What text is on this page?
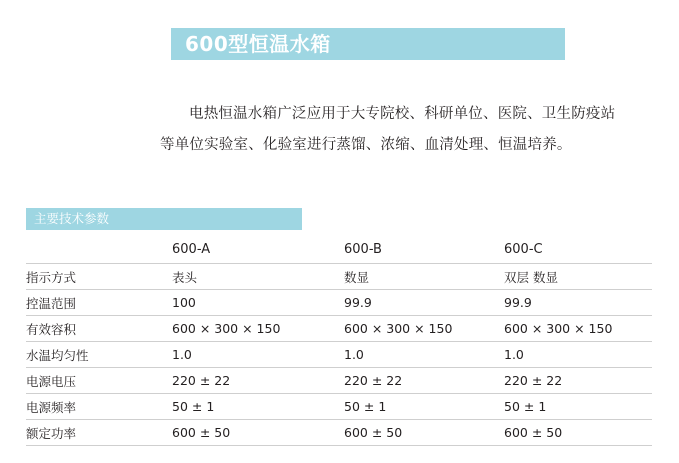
600型恒温水箱

电热恒温水箱广泛应用于大专院校、科研单位、医院、卫生防疫站等单位实验室、化验室进行蒸馏、浓缩、血清处理、恒温培养。

主要技术参数
	600-A	600-B	600-C
指示方式	表头	数显	双层 数显
控温范围	100	99.9	99.9
有效容积	600 × 300 × 150	600 × 300 × 150	600 × 300 × 150
水温均匀性	1.0	1.0	1.0
电源电压	220 ± 22	220 ± 22	220 ± 22
电源频率	50 ± 1	50 ± 1	50 ± 1
额定功率	600 ± 50	600 ± 50	600 ± 50
